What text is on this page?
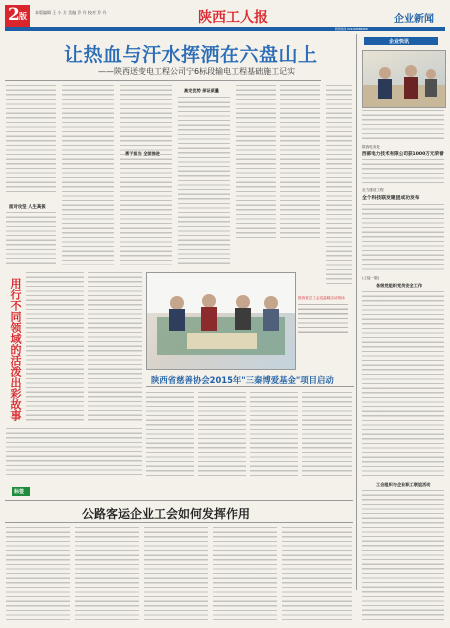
2 版 本版编辑 王 小 方 美编 乔 丹 校对 乔 丹	陕西工人报	企业新闻
新闻热线 029-88888888
让热血与汗水挥洒在六盘山上
——陕西送变电工程公司宁6标段输电工程基础施工记实
面对攻坚 人生高拔
高定优势 保证质量
勇于担当 全面推进
用行不同领域的活泼出彩故事
标签
陕西省总工会送温暖活动现场
陕西省慈善协会2015年"三秦博爱基金"项目启动
企业快讯
陕西电务处
西部电力技术有限公司获1000万元荣誉
全力建设工程
全个科技联发建团成功发布
(上接一版)
各级党组织党员安全工作
工会组织与企业职工联谊活动
公路客运企业工会如何发挥作用
